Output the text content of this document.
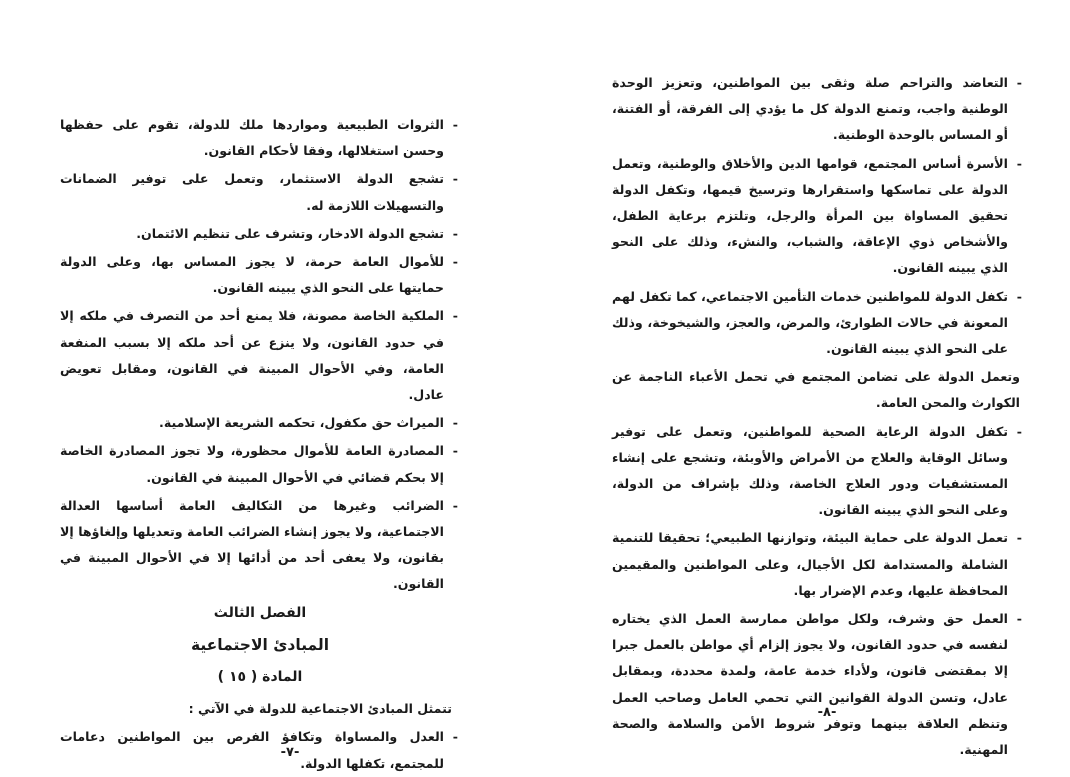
- الثروات الطبيعية ومواردها ملك للدولة، تقوم على حفظها وحسن استغلالها، وفقا لأحكام القانون.
- تشجع الدولة الاستثمار، وتعمل على توفير الضمانات والتسهيلات اللازمة له.
- تشجع الدولة الادخار، وتشرف على تنظيم الائتمان.
- للأموال العامة حرمة، لا يجوز المساس بها، وعلى الدولة حمايتها على النحو الذي يبينه القانون.
- الملكية الخاصة مصونة، فلا يمنع أحد من التصرف في ملكه إلا في حدود القانون، ولا ينزع عن أحد ملكه إلا بسبب المنفعة العامة، وفي الأحوال المبينة في القانون، ومقابل تعويض عادل.
- الميراث حق مكفول، تحكمه الشريعة الإسلامية.
- المصادرة العامة للأموال محظورة، ولا تجوز المصادرة الخاصة إلا بحكم قضائي في الأحوال المبينة في القانون.
- الضرائب وغيرها من التكاليف العامة أساسها العدالة الاجتماعية، ولا يجوز إنشاء الضرائب العامة وتعديلها وإلغاؤها إلا بقانون، ولا يعفى أحد من أدائها إلا في الأحوال المبينة في القانون.
الفصل الثالث
المبادئ الاجتماعية
المادة ( ١٥ )
تتمثل المبادئ الاجتماعية للدولة في الآتي :
- العدل والمساواة وتكافؤ الفرص بين المواطنين دعامات للمجتمع، تكفلها الدولة.
-٧-
- التعاضد والتراحم صلة وثقى بين المواطنين، وتعزيز الوحدة الوطنية واجب، وتمنع الدولة كل ما يؤدي إلى الفرقة، أو الفتنة، أو المساس بالوحدة الوطنية.
- الأسرة أساس المجتمع، قوامها الدين والأخلاق والوطنية، وتعمل الدولة على تماسكها واستقرارها وترسيخ قيمها، وتكفل الدولة تحقيق المساواة بين المرأة والرجل، وتلتزم برعاية الطفل، والأشخاص ذوي الإعاقة، والشباب، والنشء، وذلك على النحو الذي يبينه القانون.
- تكفل الدولة للمواطنين خدمات التأمين الاجتماعي، كما تكفل لهم المعونة في حالات الطوارئ، والمرض، والعجز، والشيخوخة، وذلك على النحو الذي يبينه القانون.
وتعمل الدولة على تضامن المجتمع في تحمل الأعباء الناجمة عن الكوارث والمحن العامة.
- تكفل الدولة الرعاية الصحية للمواطنين، وتعمل على توفير وسائل الوقاية والعلاج من الأمراض والأوبئة، وتشجع على إنشاء المستشفيات ودور العلاج الخاصة، وذلك بإشراف من الدولة، وعلى النحو الذي يبينه القانون.
- تعمل الدولة على حماية البيئة، وتوازنها الطبيعي؛ تحقيقا للتنمية الشاملة والمستدامة لكل الأجيال، وعلى المواطنين والمقيمين المحافظة عليها، وعدم الإضرار بها.
- العمل حق وشرف، ولكل مواطن ممارسة العمل الذي يختاره لنفسه في حدود القانون، ولا يجوز إلزام أي مواطن بالعمل جبرا إلا بمقتضى قانون، ولأداء خدمة عامة، ولمدة محددة، وبمقابل عادل، وتسن الدولة القوانين التي تحمي العامل وصاحب العمل وتنظم العلاقة بينهما وتوفر شروط الأمن والسلامة والصحة المهنية.
-٨-
